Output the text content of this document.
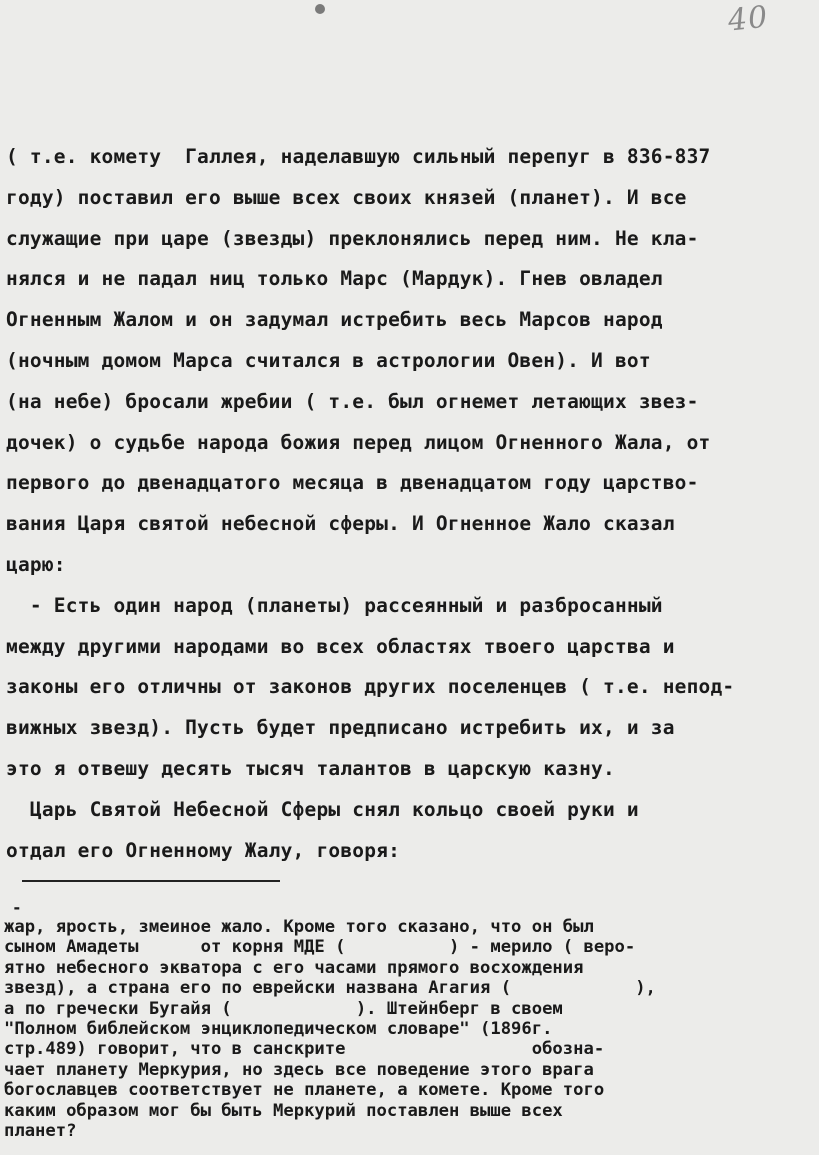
40
( т.е. комету  Галлея, наделавшую сильный перепуг в 836-837
году) поставил его выше всех своих князей (планет). И все
служащие при царе (звезды) преклонялись перед ним. Не кла-
нялся и не падал ниц только Марс (Мардук). Гнев овладел
Огненным Жалом и он задумал истребить весь Марсов народ
(ночным домом Марса считался в астрологии Овен). И вот
(на небе) бросали жребии ( т.е. был огнемет летающих звез-
дочек) о судьбе народа божия перед лицом Огненного Жала, от
первого до двенадцатого месяца в двенадцатом году царство-
вания Царя святой небесной сферы. И Огненное Жало сказал
царю:
- Есть один народ (планеты) рассеянный и разбросанный
между другими народами во всех областях твоего царства и
законы его отличны от законов других поселенцев ( т.е. непод-
вижных звезд). Пусть будет предписано истребить их, и за
это я отвешу десять тысяч талантов в царскую казну.
Царь Святой Небесной Сферы снял кольцо своей руки и
отдал его Огненному Жалу, говоря:
-
жар, ярость, змеиное жало. Кроме того сказано, что он был
сыном Амадеты      от корня МДЕ (          ) - мерило ( веро-
ятно небесного экватора с его часами прямого восхождения
звезд), а страна его по еврейски названа Агагия (            ),
а по гречески Бугайя (            ). Штейнберг в своем
"Полном библейском энциклопедическом словаре" (1896г.
стр.489) говорит, что в санскрите                  обозна-
чает планету Меркурия, но здесь все поведение этого врага
богославцев соответствует не планете, а комете. Кроме того
каким образом мог бы быть Меркурий поставлен выше всех
планет?
